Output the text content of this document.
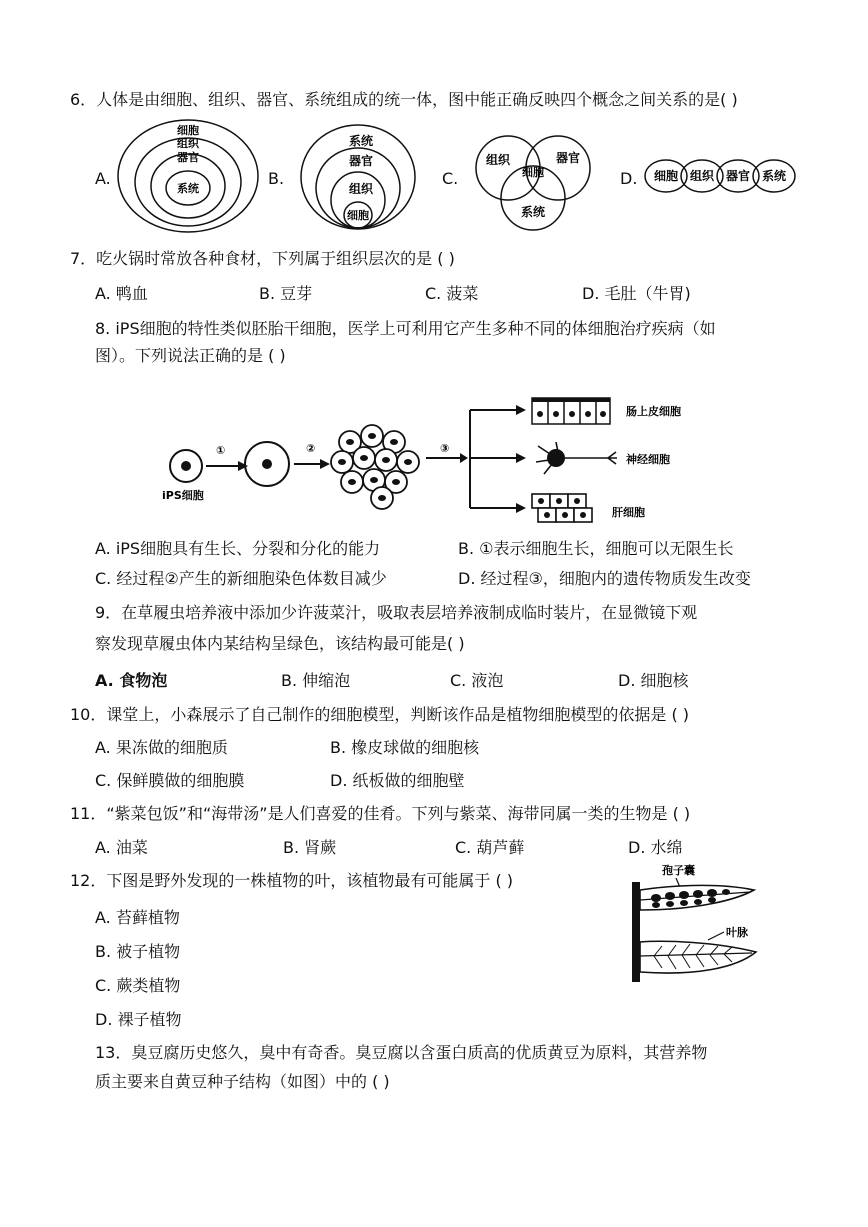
6．人体是由细胞、组织、器官、系统组成的统一体，图中能正确反映四个概念之间关系的是( )
A.
细胞
组织
器官
系统
B.
系统
器官
组织
细胞
C.
组织	器官
细胞
系统
D. 细胞 组织 器官 系统
7．吃火锅时常放各种食材，下列属于组织层次的是 ( )
A. 鸭血	B. 豆芽	C. 菠菜	D. 毛肚（牛胃)
8. iPS细胞的特性类似胚胎干细胞，医学上可利用它产生多种不同的体细胞治疗疾病（如
图）。下列说法正确的是 ( )
iPS细胞
①	②	③
肠上皮细胞
神经细胞
肝细胞
A. iPS细胞具有生长、分裂和分化的能力	B. ①表示细胞生长，细胞可以无限生长
C. 经过程②产生的新细胞染色体数目减少	D. 经过程③，细胞内的遗传物质发生改变
9．在草履虫培养液中添加少许菠菜汁，吸取表层培养液制成临时装片，在显微镜下观
察发现草履虫体内某结构呈绿色，该结构最可能是( )
A. 食物泡	B. 伸缩泡	C. 液泡	D. 细胞核
10．课堂上，小森展示了自己制作的细胞模型，判断该作品是植物细胞模型的依据是 ( )
A. 果冻做的细胞质	B. 橡皮球做的细胞核
C. 保鲜膜做的细胞膜	D. 纸板做的细胞壁
11．“紫菜包饭”和“海带汤”是人们喜爱的佳肴。下列与紫菜、海带同属一类的生物是 ( )
A. 油菜	B. 肾蕨	C. 葫芦藓	D. 水绵
12．下图是野外发现的一株植物的叶，该植物最有可能属于 ( )
A. 苔藓植物
B. 被子植物
C. 蕨类植物
D. 裸子植物
孢子囊
叶脉
13．臭豆腐历史悠久，臭中有奇香。臭豆腐以含蛋白质高的优质黄豆为原料，其营养物
质主要来自黄豆种子结构（如图）中的 ( )
